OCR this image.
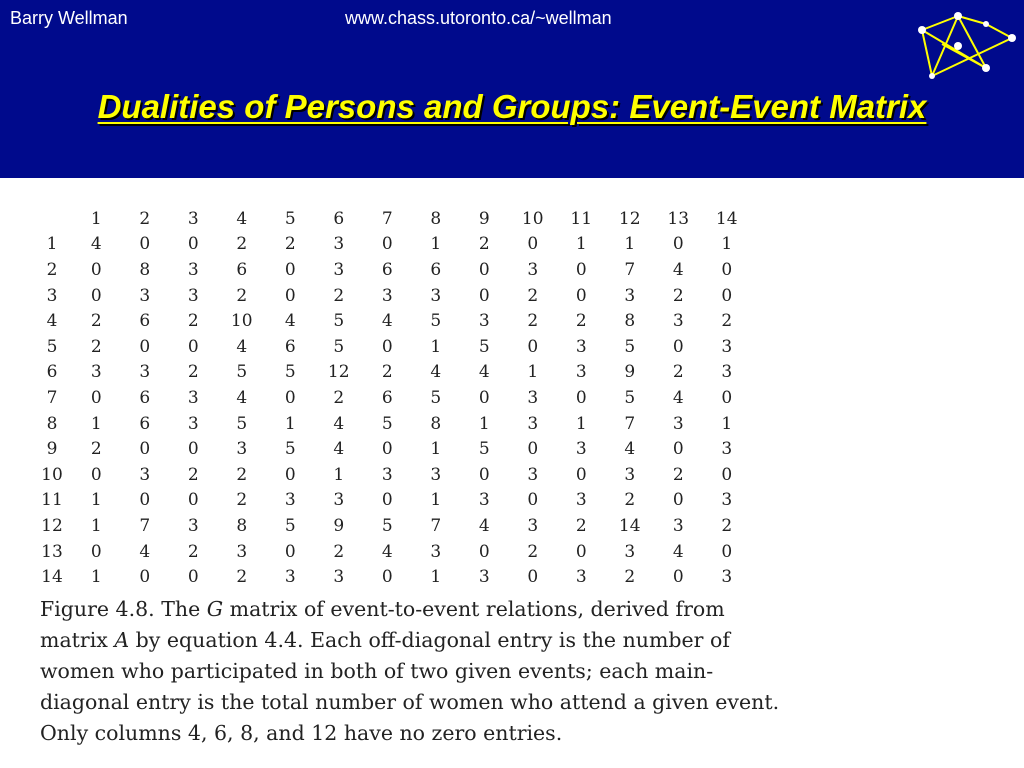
Barry Wellman	www.chass.utoronto.ca/~wellman
Dualities of Persons and Groups: Event-Event Matrix
	1	2	3	4	5	6	7	8	9	10	11	12	13	14
1	4	0	0	2	2	3	0	1	2	0	1	1	0	1
2	0	8	3	6	0	3	6	6	0	3	0	7	4	0
3	0	3	3	2	0	2	3	3	0	2	0	3	2	0
4	2	6	2	10	4	5	4	5	3	2	2	8	3	2
5	2	0	0	4	6	5	0	1	5	0	3	5	0	3
6	3	3	2	5	5	12	2	4	4	1	3	9	2	3
7	0	6	3	4	0	2	6	5	0	3	0	5	4	0
8	1	6	3	5	1	4	5	8	1	3	1	7	3	1
9	2	0	0	3	5	4	0	1	5	0	3	4	0	3
10	0	3	2	2	0	1	3	3	0	3	0	3	2	0
11	1	0	0	2	3	3	0	1	3	0	3	2	0	3
12	1	7	3	8	5	9	5	7	4	3	2	14	3	2
13	0	4	2	3	0	2	4	3	0	2	0	3	4	0
14	1	0	0	2	3	3	0	1	3	0	3	2	0	3
Figure 4.8. The G matrix of event-to-event relations, derived from
matrix A by equation 4.4. Each off-diagonal entry is the number of
women who participated in both of two given events; each main-
diagonal entry is the total number of women who attend a given event.
Only columns 4, 6, 8, and 12 have no zero entries.
